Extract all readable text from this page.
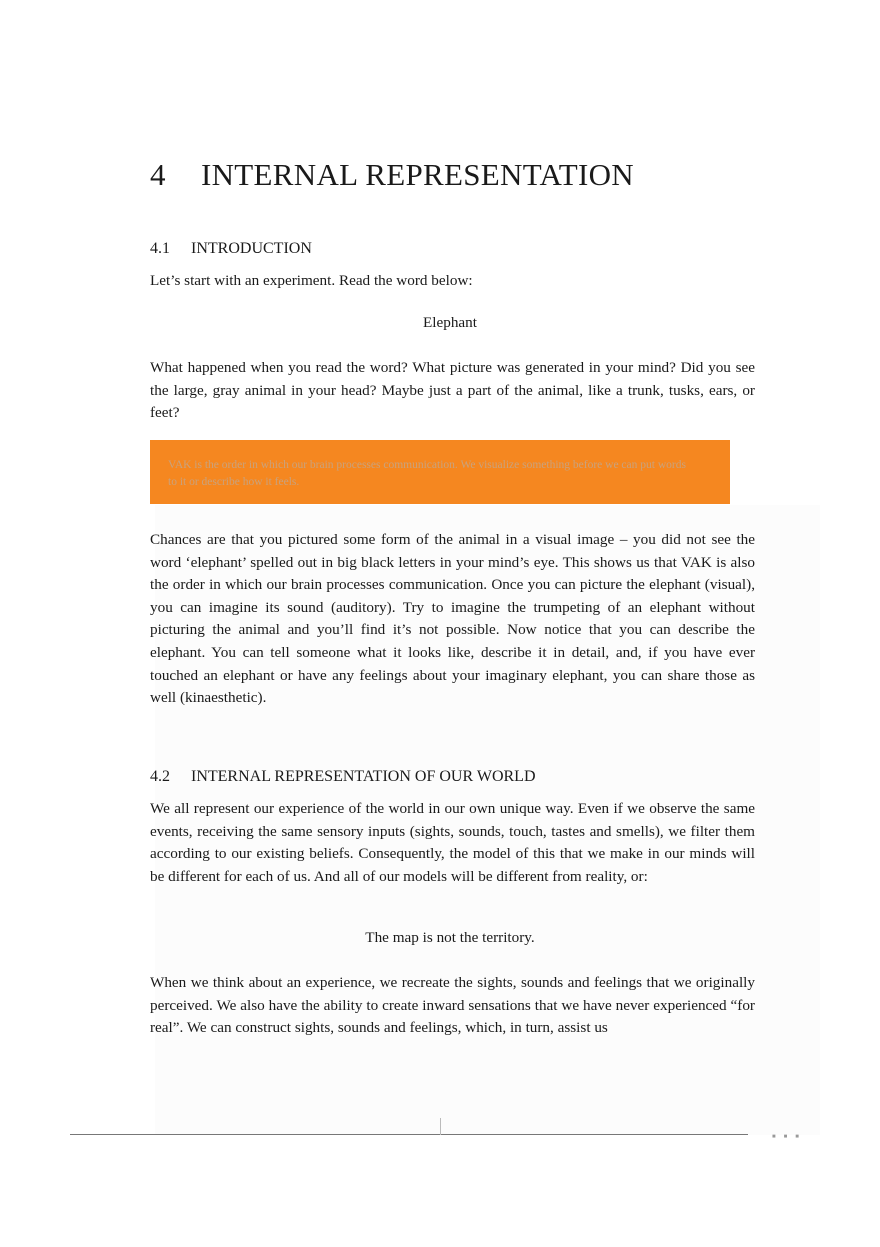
4 INTERNAL REPRESENTATION
4.1 INTRODUCTION
Let’s start with an experiment. Read the word below:
Elephant
What happened when you read the word? What picture was generated in your mind? Did you see the large, gray animal in your head? Maybe just a part of the animal, like a trunk, tusks, ears, or feet?
VAK is the order in which our brain processes communication. We visualize something before we can put words to it or describe how it feels.
Chances are that you pictured some form of the animal in a visual image – you did not see the word ‘elephant’ spelled out in big black letters in your mind’s eye. This shows us that VAK is also the order in which our brain processes communication. Once you can picture the elephant (visual), you can imagine its sound (auditory). Try to imagine the trumpeting of an elephant without picturing the animal and you’ll find it’s not possible. Now notice that you can describe the elephant. You can tell someone what it looks like, describe it in detail, and, if you have ever touched an elephant or have any feelings about your imaginary elephant, you can share those as well (kinaesthetic).
4.2 INTERNAL REPRESENTATION OF OUR WORLD
We all represent our experience of the world in our own unique way. Even if we observe the same events, receiving the same sensory inputs (sights, sounds, touch, tastes and smells), we filter them according to our existing beliefs. Consequently, the model of this that we make in our minds will be different for each of us. And all of our models will be different from reality, or:
The map is not the territory.
When we think about an experience, we recreate the sights, sounds and feelings that we originally perceived. We also have the ability to create inward sensations that we have never experienced “for real”. We can construct sights, sounds and feelings, which, in turn, assist us
■■■
